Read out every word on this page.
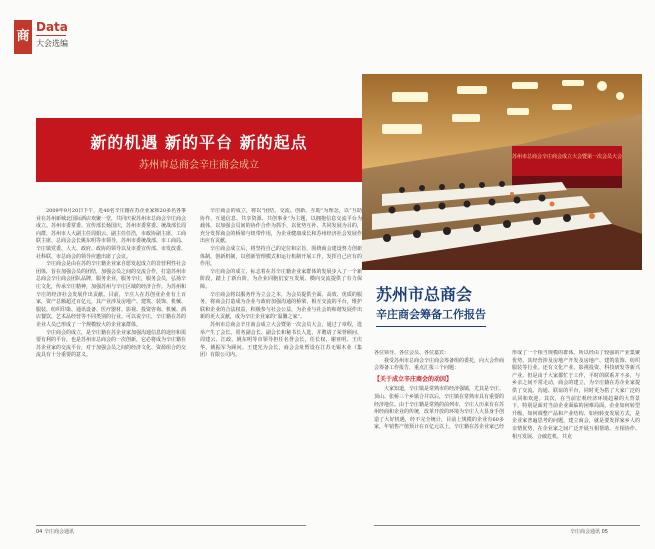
商
Data
大会选编
新的机遇 新的平台 新的起点
苏州市总商会辛庄商会成立

2009年9月20日下午，近40名辛庄籍在苏企业家和20多名各事业在苏州新城北国际酒店欢聚一堂，共同庆祝苏州市总商会辛庄商会成立。苏州市委常委、宣传部长杨国庆，苏州市委常委、统战部长周向群，苏州市人大副主任周娟云、副主任任浩，市政协副主席、工商联主席、总商会会长姚东明等市领导，苏州市委统战部、市工商局、辛庄镇党委、人大、政府、政协的领导以及市委宣传部、市发改委、社科联、市总商会的领导应邀出席了会议。

辛庄商会是由在苏的辛庄籍企业家自愿发起成立的非营利性社会团体，旨在加强会员的团结，加强会员之间的交流合作，打造苏州市总商会辛庄商会团队品牌，服务企业，服务辛庄，服务会员，弘扬辛庄文化，传承辛庄精神，加强苏州与辛庄区域的经济合作。为苏州和辛庄的经济社会发展作出贡献。目前，辛庄人在苏创业企业有上百家，资产总额超过百亿元，其产业涉及房地产、建筑、装饰、机械、服装、纺织印染、通讯设备、医疗器材、影视、投资咨询、机械、酒店餐饮、艺术品经营等不同类别的行业。可以说辛庄，辛庄籍在苏的企业人员已形成了一个规模较大的企业家群体。

辛庄商会的成立，是辛庄籍在苏企业家加强沟通信息的途径和需要有利的平台，也是苏州市总商会的一次创新，它必将成为辛庄籍在苏企业家的交流平台，对于加强会员之间的经济文化、资源组合的交流具有十分重要的意义。

辛庄商会的成立，将以“团结、交流、创新、互助”为理念，以“互助协作、互通信息、共享资源、共创事业”为主题，以拥抱信息交流平台为载体，以加强会员间的协作合作为抓手，以优势互补、共同发展为目的，充分发挥商会的桥梁与纽带作用，为企业健康成长和苏州经济社会发展作出应有贡献。

辛庄商会成立后，将坚持自己的定位和宗旨，围绕商会建设努力创新体制、创新机制，以创新管理模式和运行机制开展工作，发挥自己应有的作用。

辛庄商会的成立，标志着在苏辛庄籍企业家群体的发展步入了一个新阶段，踏上了新台阶，为企业同胞们安互发展、横向交流提供了有力保障。

辛庄商会将以服务作为立会之本，为会员提供全面、高效、优质的服务，将商会打造成为企业与政府加强沟通的桥梁、相互交流的平台，维护联和企业的合法权益，积极参与社会公益，为企业与社会的和谐发展作出新的更大贡献，成为辛庄企业家的“温馨之家”。

苏州市总商会辛庄商会成立大会暨第一次会员大会，通过了章程，选举产生了会长、常务副会长、副会长和秘书长人选，并聘请了荣誉顾问、周建云、江政、姚东明等市领导担任名誉会长，任长权、谢亚明、王庆华、姚振军为顾问。王建光为会长，商会会址暂设在江苏无锡木业（集团）有限公司内。

苏州市总商会辛庄商会成立大会暨第一次会员大会
苏州市总商会
辛庄商会筹备工作报告

各位领导、各位会员、各位嘉宾：

我受苏州市总商会辛庄商会筹备组的委托，向大会作商会筹备工作报告，重点汇报三个问题：

【关于成立辛庄商会的动因】

大家知道，辛庄镇是常熟市的经济强镇，尤其是辛庄、顶山、张桥三个乡镇合并以后，辛庄镇在常熟市具有重要的经济地位。由于辛庄籍是常熟的前列市，辛庄人历来有在苏州经商和企业的传统，改革开放的环境为辛庄人大显身手创造了大好机遇，经不完全统计，目前上规模的企业有60多家，年销售产值预计在百亿元以上，辛庄籍在苏企业家已经

形成了一个相当规模的群体。所以经由了较强的产业集聚优势。其经营涉及房地产开发及房地产、建筑装饰、纺织服装等行业。还有文化产业、影视投资、科技研发等新兴产业。但是由于大家都忙于工作，平时的联系并不多，与乡亲之间不常走动，商会的建立，为辛庄籍在苏企业家提供了交流、沟通、联谊的平台，同时更为搭了大家广泛的认同和欢迎。其次，在当前宏观经济环境趋紧的大背景下，特别是面对当前企业面临的困难局面，企业如何转型升级、如何调整产品和产业结构、如何转变发展方式，是企业家普遍思考的问题，建立商会，就是要发挥家乡人的亲情优势，在企业家之间广泛开展互相帮助、互相协作、相互发展、合破危机，共克

04 辛庄商会通讯	辛庄商会通讯 05
